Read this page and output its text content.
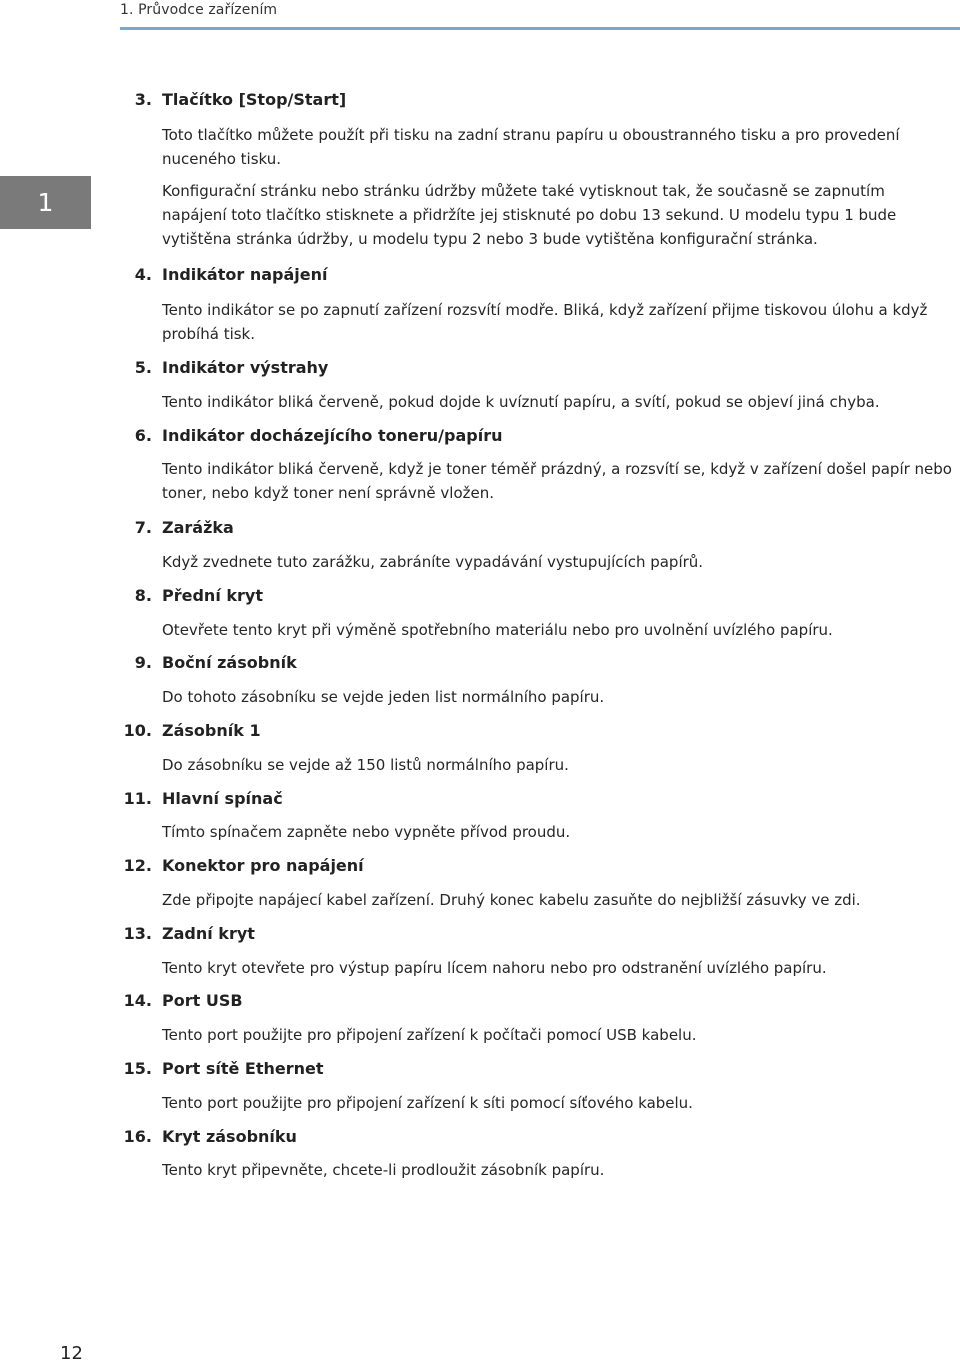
1. Průvodce zařízením
1
3. Tlačítko [Stop/Start]
Toto tlačítko můžete použít při tisku na zadní stranu papíru u oboustranného tisku a pro provedení nuceného tisku.
Konfigurační stránku nebo stránku údržby můžete také vytisknout tak, že současně se zapnutím napájení toto tlačítko stisknete a přidržíte jej stisknuté po dobu 13 sekund. U modelu typu 1 bude vytištěna stránka údržby, u modelu typu 2 nebo 3 bude vytištěna konfigurační stránka.
4. Indikátor napájení
Tento indikátor se po zapnutí zařízení rozsvítí modře. Bliká, když zařízení přijme tiskovou úlohu a když probíhá tisk.
5. Indikátor výstrahy
Tento indikátor bliká červeně, pokud dojde k uvíznutí papíru, a svítí, pokud se objeví jiná chyba.
6. Indikátor docházejícího toneru/papíru
Tento indikátor bliká červeně, když je toner téměř prázdný, a rozsvítí se, když v zařízení došel papír nebo toner, nebo když toner není správně vložen.
7. Zarážka
Když zvednete tuto zarážku, zabráníte vypadávání vystupujících papírů.
8. Přední kryt
Otevřete tento kryt při výměně spotřebního materiálu nebo pro uvolnění uvízlého papíru.
9. Boční zásobník
Do tohoto zásobníku se vejde jeden list normálního papíru.
10. Zásobník 1
Do zásobníku se vejde až 150 listů normálního papíru.
11. Hlavní spínač
Tímto spínačem zapněte nebo vypněte přívod proudu.
12. Konektor pro napájení
Zde připojte napájecí kabel zařízení. Druhý konec kabelu zasuňte do nejbližší zásuvky ve zdi.
13. Zadní kryt
Tento kryt otevřete pro výstup papíru lícem nahoru nebo pro odstranění uvízlého papíru.
14. Port USB
Tento port použijte pro připojení zařízení k počítači pomocí USB kabelu.
15. Port sítě Ethernet
Tento port použijte pro připojení zařízení k síti pomocí síťového kabelu.
16. Kryt zásobníku
Tento kryt připevněte, chcete-li prodloužit zásobník papíru.
12
